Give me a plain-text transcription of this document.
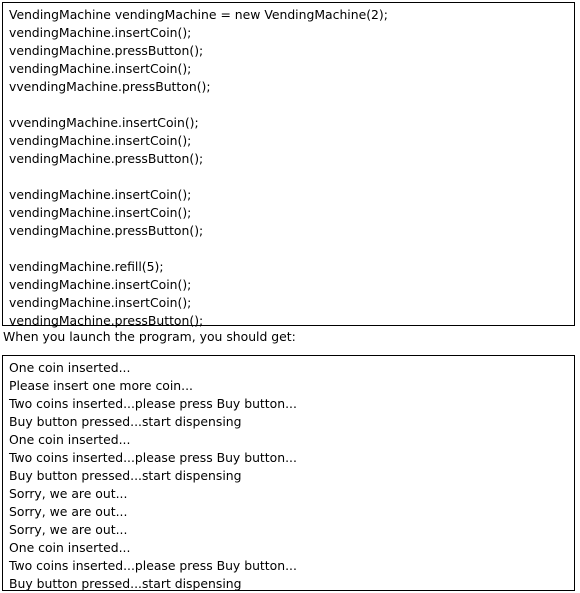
VendingMachine vendingMachine = new VendingMachine(2);
vendingMachine.insertCoin();
vendingMachine.pressButton();
vendingMachine.insertCoin();
vvendingMachine.pressButton();
vvendingMachine.insertCoin();
vendingMachine.insertCoin();
vendingMachine.pressButton();
vendingMachine.insertCoin();
vendingMachine.insertCoin();
vendingMachine.pressButton();
vendingMachine.refill(5);
vendingMachine.insertCoin();
vendingMachine.insertCoin();
vendingMachine.pressButton();
When you launch the program, you should get:
One coin inserted...
Please insert one more coin...
Two coins inserted...please press Buy button...
Buy button pressed...start dispensing
One coin inserted...
Two coins inserted...please press Buy button...
Buy button pressed...start dispensing
Sorry, we are out...
Sorry, we are out...
Sorry, we are out...
One coin inserted...
Two coins inserted...please press Buy button...
Buy button pressed...start dispensing
